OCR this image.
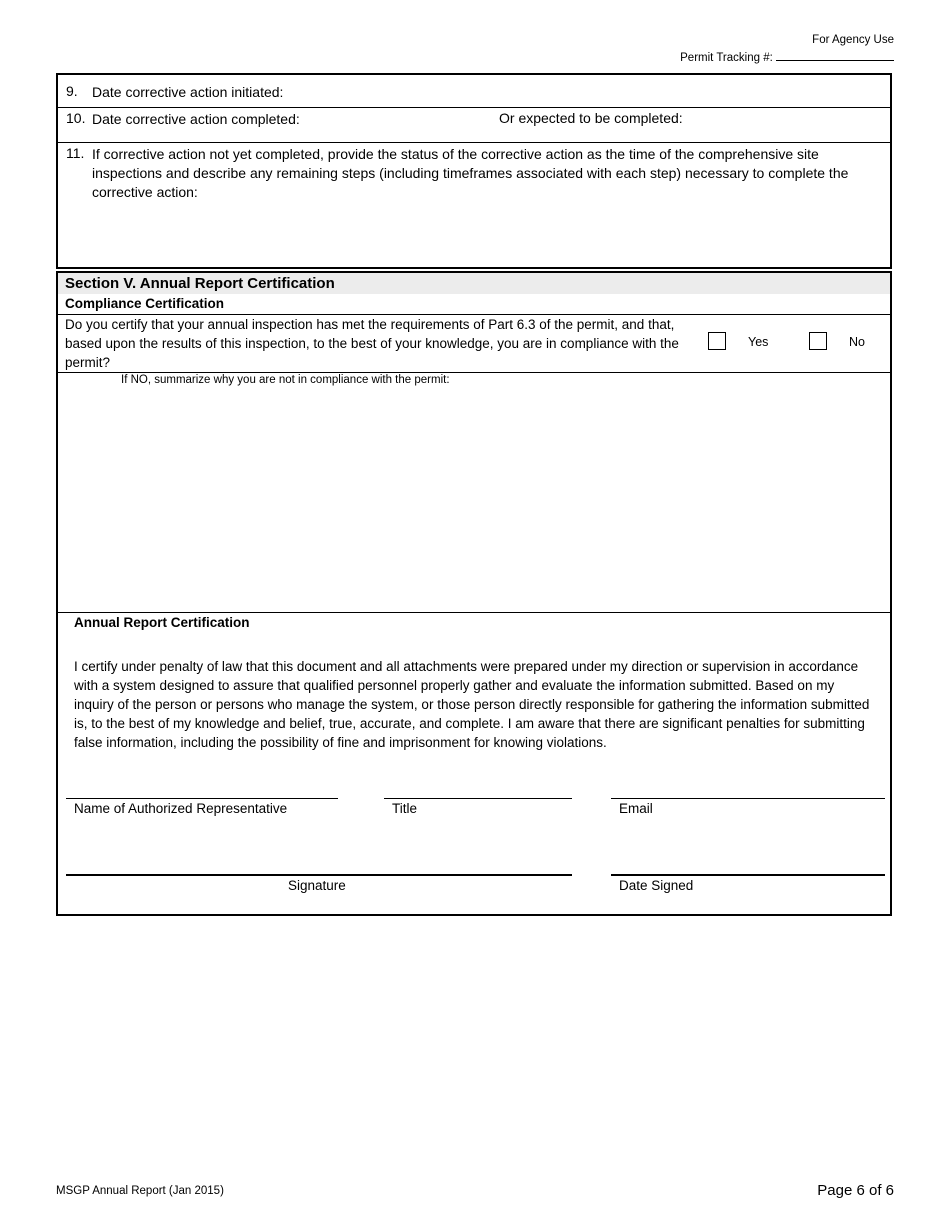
For Agency Use
Permit Tracking #:
9. Date corrective action initiated:
10. Date corrective action completed:	Or expected to be completed:
11. If corrective action not yet completed, provide the status of the corrective action as the time of the comprehensive site inspections and describe any remaining steps (including timeframes associated with each step) necessary to complete the corrective action:
Section V. Annual Report Certification
Compliance Certification
Do you certify that your annual inspection has met the requirements of Part 6.3 of the permit, and that, based upon the results of this inspection, to the best of your knowledge, you are in compliance with the permit?
Yes	No
If NO, summarize why you are not in compliance with the permit:
Annual Report Certification
I certify under penalty of law that this document and all attachments were prepared under my direction or supervision in accordance with a system designed to assure that qualified personnel properly gather and evaluate the information submitted. Based on my inquiry of the person or persons who manage the system, or those person directly responsible for gathering the information submitted is, to the best of my knowledge and belief, true, accurate, and complete. I am aware that there are significant penalties for submitting false information, including the possibility of fine and imprisonment for knowing violations.
Name of Authorized Representative	Title	Email
Signature	Date Signed
MSGP Annual Report (Jan 2015)	Page 6 of 6
